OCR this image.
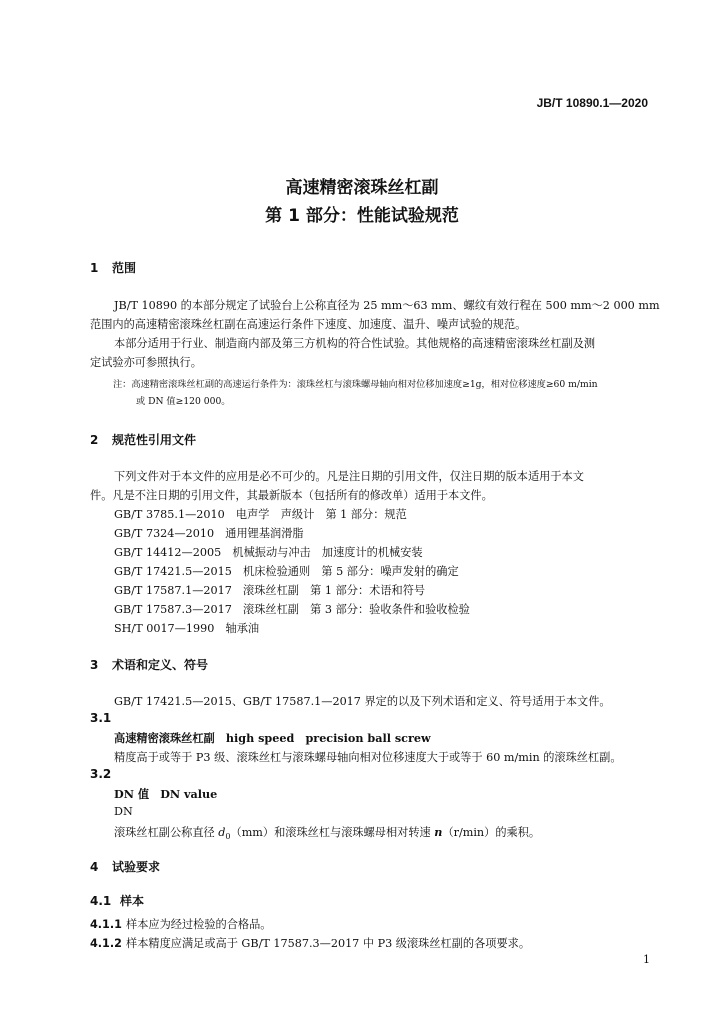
JB/T 10890.1—2020
高速精密滚珠丝杠副
第 1 部分：性能试验规范
1 范围
JB/T 10890 的本部分规定了试验台上公称直径为 25 mm～63 mm、螺纹有效行程在 500 mm～2 000 mm
范围内的高速精密滚珠丝杠副在高速运行条件下速度、加速度、温升、噪声试验的规范。
本部分适用于行业、制造商内部及第三方机构的符合性试验。其他规格的高速精密滚珠丝杠副及测
定试验亦可参照执行。
注：高速精密滚珠丝杠副的高速运行条件为：滚珠丝杠与滚珠螺母轴向相对位移加速度≥1g，相对位移速度≥60 m/min
或 DN 值≥120 000。
2 规范性引用文件
下列文件对于本文件的应用是必不可少的。凡是注日期的引用文件，仅注日期的版本适用于本文
件。凡是不注日期的引用文件，其最新版本（包括所有的修改单）适用于本文件。
GB/T 3785.1—2010　电声学　声级计　第 1 部分：规范
GB/T 7324—2010　通用锂基润滑脂
GB/T 14412—2005　机械振动与冲击　加速度计的机械安装
GB/T 17421.5—2015　机床检验通则　第 5 部分：噪声发射的确定
GB/T 17587.1—2017　滚珠丝杠副　第 1 部分：术语和符号
GB/T 17587.3—2017　滚珠丝杠副　第 3 部分：验收条件和验收检验
SH/T 0017—1990　轴承油
3 术语和定义、符号
GB/T 17421.5—2015、GB/T 17587.1—2017 界定的以及下列术语和定义、符号适用于本文件。
3.1
高速精密滚珠丝杠副　high speed　precision ball screw
精度高于或等于 P3 级、滚珠丝杠与滚珠螺母轴向相对位移速度大于或等于 60 m/min 的滚珠丝杠副。
3.2
DN 值　DN value
DN
滚珠丝杠副公称直径 $d_0(mm)$和滚珠丝杠与滚珠螺母相对转速 n（r/min）的乘积。
4 试验要求
4.1 样本
4.1.1 样本应为经过检验的合格品。
4.1.2 样本精度应满足或高于 GB/T 17587.3—2017 中 P3 级滚珠丝杠副的各项要求。
1
